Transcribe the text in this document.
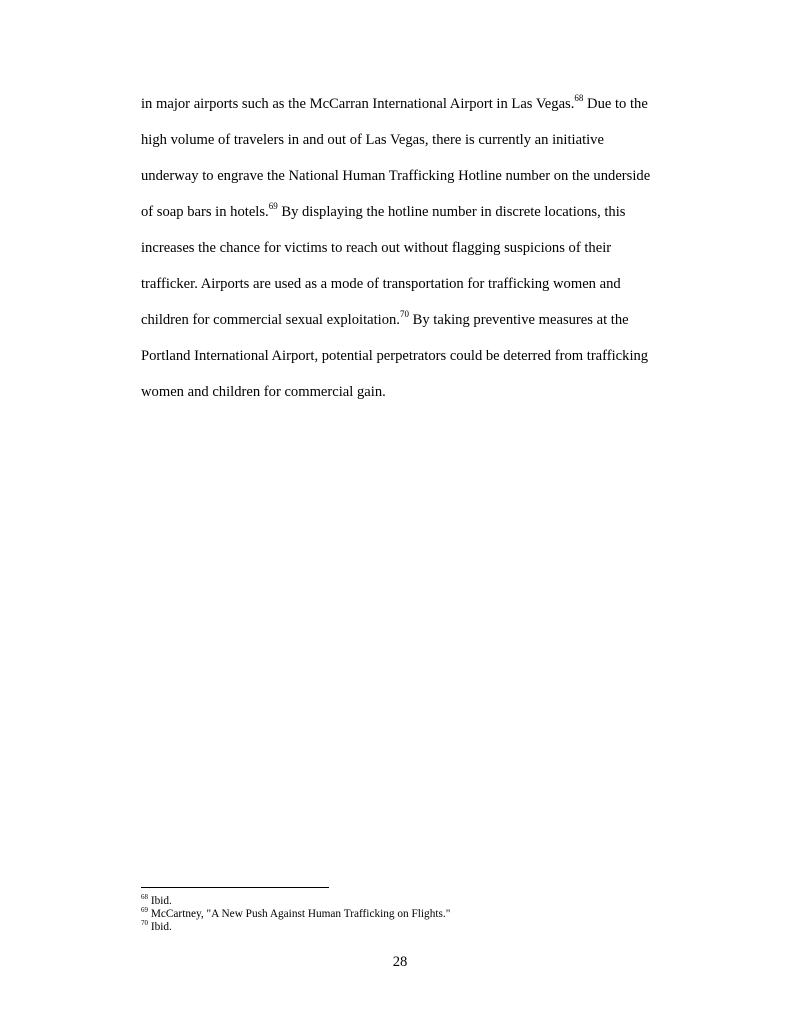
in major airports such as the McCarran International Airport in Las Vegas.$^{68}$ Due to the
high volume of travelers in and out of Las Vegas, there is currently an initiative
underway to engrave the National Human Trafficking Hotline number on the underside
of soap bars in hotels.$^{69}$ By displaying the hotline number in discrete locations, this
increases the chance for victims to reach out without flagging suspicions of their
trafficker. Airports are used as a mode of transportation for trafficking women and
children for commercial sexual exploitation.$^{70}$ By taking preventive measures at the
Portland International Airport, potential perpetrators could be deterred from trafficking
women and children for commercial gain.
$^{68}$ Ibid.
$^{69}$ McCartney, "A New Push Against Human Trafficking on Flights."
$^{70}$ Ibid.
28
